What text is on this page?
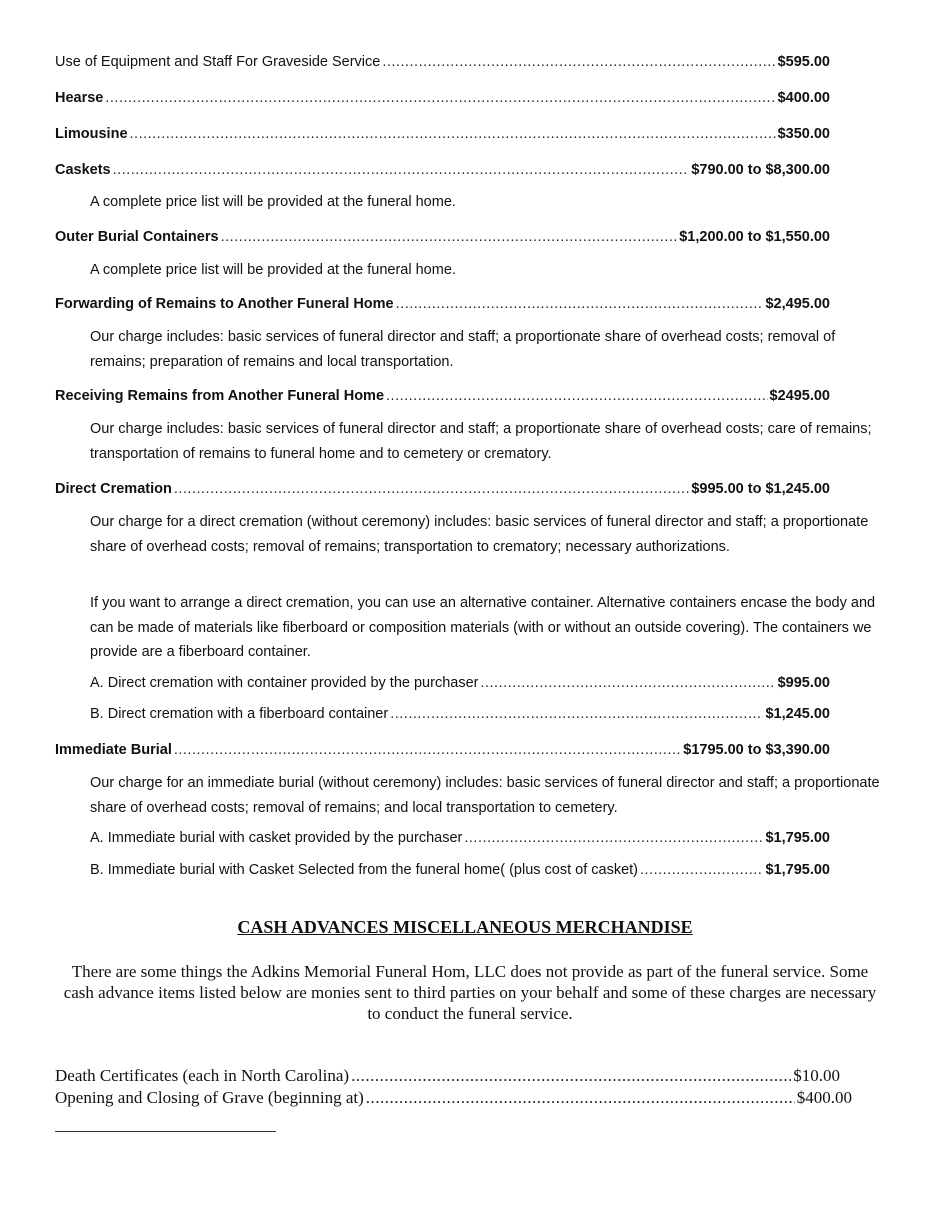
Use of Equipment and Staff For Graveside Service .....	$595.00
Hearse .....	$400.00
Limousine .....	$350.00
Caskets .....	$790.00 to $8,300.00
A complete price list will be provided at the funeral home.
Outer Burial Containers .....	$1,200.00 to $1,550.00
A complete price list will be provided at the funeral home.
Forwarding of Remains to Another Funeral Home .....	$2,495.00
Our charge includes: basic services of funeral director and staff; a proportionate share of overhead costs; removal of remains; preparation of remains and local transportation.
Receiving Remains from Another Funeral Home .....	$2495.00
Our charge includes: basic services of funeral director and staff; a proportionate share of overhead costs; care of remains; transportation of remains to funeral home and to cemetery or crematory.
Direct Cremation .....	$995.00 to $1,245.00
Our charge for a direct cremation (without ceremony) includes: basic services of funeral director and staff; a proportionate share of overhead costs; removal of remains; transportation to crematory; necessary authorizations.
If you want to arrange a direct cremation, you can use an alternative container. Alternative containers encase the body and can be made of materials like fiberboard or composition materials (with or without an outside covering). The containers we provide are a fiberboard container.
A. Direct cremation with container provided by the purchaser .....	$995.00
B. Direct cremation with a fiberboard container .....	$1,245.00
Immediate Burial .....	$1795.00 to $3,390.00
Our charge for an immediate burial (without ceremony) includes: basic services of funeral director and staff; a proportionate share of overhead costs; removal of remains; and local transportation to cemetery.
A. Immediate burial with casket provided by the purchaser .....	$1,795.00
B. Immediate burial with Casket Selected from the funeral home( (plus cost of casket) .....	$1,795.00
CASH ADVANCES MISCELLANEOUS MERCHANDISE
There are some things the Adkins Memorial Funeral Hom, LLC does not provide as part of the funeral service. Some cash advance items listed below are monies sent to third parties on your behalf and some of these charges are necessary to conduct the funeral service.
Death Certificates (each in North Carolina) .....	$10.00
Opening and Closing of Grave (beginning at) .....	$400.00
